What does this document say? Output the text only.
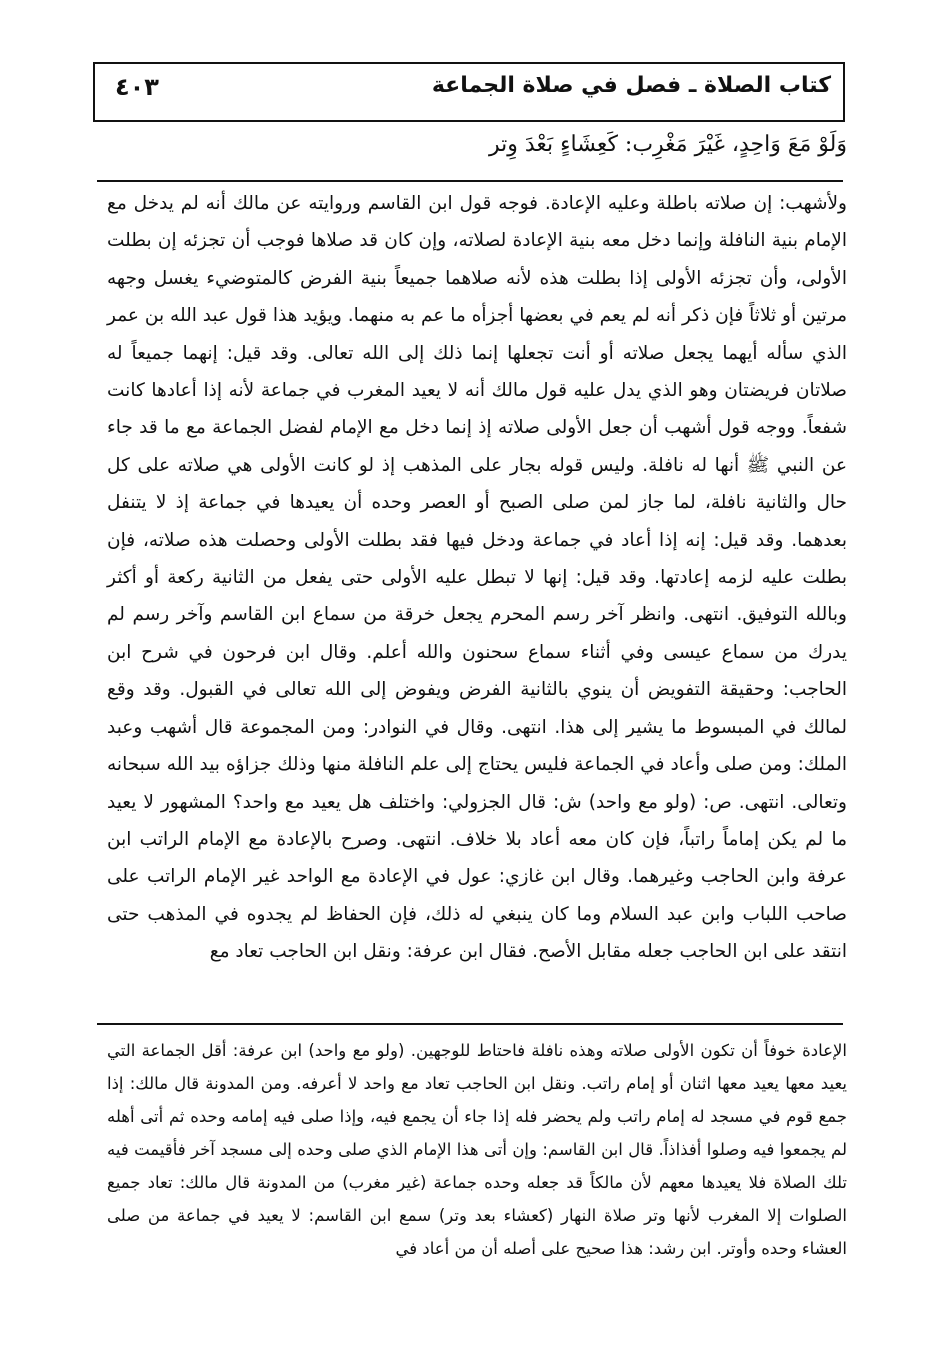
كتاب الصلاة ـ فصل في صلاة الجماعة
٤٠٣
وَلَوْ مَعَ وَاحِدٍ، غَيْرَ مَغْرِب: كَعِشَاءٍ بَعْدَ وِتر

ولأشهب: إن صلاته باطلة وعليه الإعادة. فوجه قول ابن القاسم وروايته عن مالك أنه لم يدخل مع الإمام بنية النافلة وإنما دخل معه بنية الإعادة لصلاته، وإن كان قد صلاها فوجب أن تجزئه إن بطلت الأولى، وأن تجزئه الأولى إذا بطلت هذه لأنه صلاهما جميعاً بنية الفرض كالمتوضيء يغسل وجهه مرتين أو ثلاثاً فإن ذكر أنه لم يعم في بعضها أجزأه ما عم به منهما. ويؤيد هذا قول عبد الله بن عمر الذي سأله أيهما يجعل صلاته أو أنت تجعلها إنما ذلك إلى الله تعالى. وقد قيل: إنهما جميعاً له صلاتان فريضتان وهو الذي يدل عليه قول مالك أنه لا يعيد المغرب في جماعة لأنه إذا أعادها كانت شفعاً. ووجه قول أشهب أن جعل الأولى صلاته إذ إنما دخل مع الإمام لفضل الجماعة مع ما قد جاء عن النبي ﷺ أنها له نافلة. وليس قوله بجار على المذهب إذ لو كانت الأولى هي صلاته على كل حال والثانية نافلة، لما جاز لمن صلى الصبح أو العصر وحده أن يعيدها في جماعة إذ لا يتنفل بعدهما. وقد قيل: إنه إذا أعاد في جماعة ودخل فيها فقد بطلت الأولى وحصلت هذه صلاته، فإن بطلت عليه لزمه إعادتها. وقد قيل: إنها لا تبطل عليه الأولى حتى يفعل من الثانية ركعة أو أكثر وبالله التوفيق. انتهى. وانظر آخر رسم المحرم يجعل خرقة من سماع ابن القاسم وآخر رسم لم يدرك من سماع عيسى وفي أثناء سماع سحنون والله أعلم. وقال ابن فرحون في شرح ابن الحاجب: وحقيقة التفويض أن ينوي بالثانية الفرض ويفوض إلى الله تعالى في القبول. وقد وقع لمالك في المبسوط ما يشير إلى هذا. انتهى. وقال في النوادر: ومن المجموعة قال أشهب وعبد الملك: ومن صلى وأعاد في الجماعة فليس يحتاج إلى علم النافلة منها وذلك جزاؤه بيد الله سبحانه وتعالى. انتهى. ص: (ولو مع واحد) ش: قال الجزولي: واختلف هل يعيد مع واحد؟ المشهور لا يعيد ما لم يكن إماماً راتباً، فإن كان معه أعاد بلا خلاف. انتهى. وصرح بالإعادة مع الإمام الراتب ابن عرفة وابن الحاجب وغيرهما. وقال ابن غازي: عول في الإعادة مع الواحد غير الإمام الراتب على صاحب اللباب وابن عبد السلام وما كان ينبغي له ذلك، فإن الحفاظ لم يجدوه في المذهب حتى انتقد على ابن الحاجب جعله مقابل الأصح. فقال ابن عرفة: ونقل ابن الحاجب تعاد مع

الإعادة خوفاً أن تكون الأولى صلاته وهذه نافلة فاحتاط للوجهين. (ولو مع واحد) ابن عرفة: أقل الجماعة التي يعيد معها يعيد معها اثنان أو إمام راتب. ونقل ابن الحاجب تعاد مع واحد لا أعرفه. ومن المدونة قال مالك: إذا جمع قوم في مسجد له إمام راتب ولم يحضر فله إذا جاء أن يجمع فيه، وإذا صلى فيه إمامه وحده ثم أتى أهله لم يجمعوا فيه وصلوا أفذاذاً. قال ابن القاسم: وإن أتى هذا الإمام الذي صلى وحده إلى مسجد آخر فأقيمت فيه تلك الصلاة فلا يعيدها معهم لأن مالكاً قد جعله وحده جماعة (غير مغرب) من المدونة قال مالك: تعاد جميع الصلوات إلا المغرب لأنها وتر صلاة النهار (كعشاء بعد وتر) سمع ابن القاسم: لا يعيد في جماعة من صلى العشاء وحده وأوتر. ابن رشد: هذا صحيح على أصله أن من أعاد في
